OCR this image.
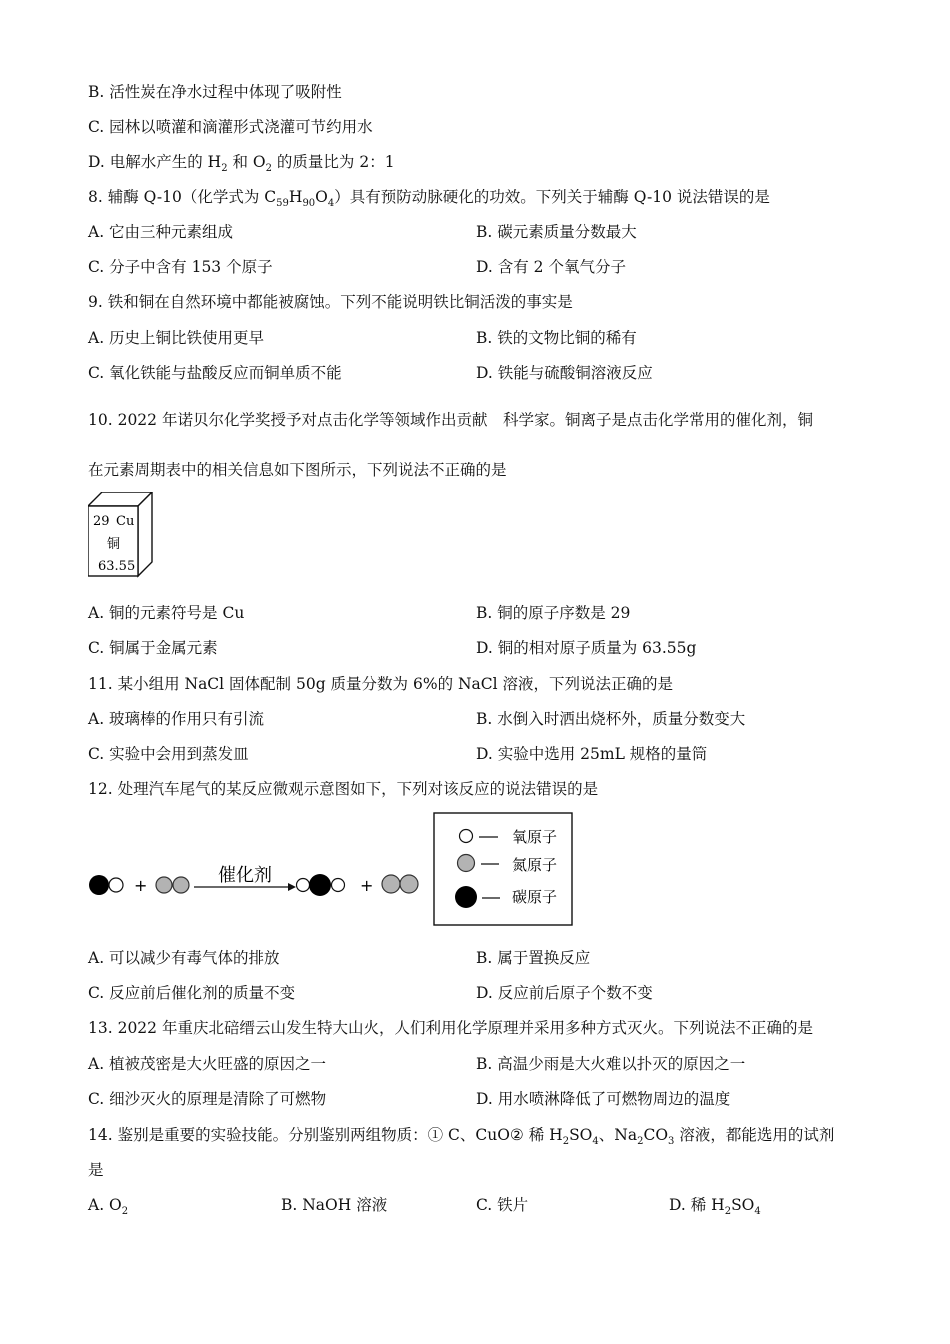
B. 活性炭在净水过程中体现了吸附性
C. 园林以喷灌和滴灌形式浇灌可节约用水
D. 电解水产生的 $H_2$ 和 $O_2$ 的质量比为 2：1
8. 辅酶 Q-10（化学式为 $C_{59}H_{90}O_4$）具有预防动脉硬化的功效。下列关于辅酶 Q-10 说法错误的是
A. 它由三种元素组成	B. 碳元素质量分数最大
C. 分子中含有 153 个原子	D. 含有 2 个氧气分子
9. 铁和铜在自然环境中都能被腐蚀。下列不能说明铁比铜活泼的事实是
A. 历史上铜比铁使用更早	B. 铁的文物比铜的稀有
C. 氧化铁能与盐酸反应而铜单质不能	D. 铁能与硫酸铜溶液反应
10. 2022 年诺贝尔化学奖授予对点击化学等领域作出贡献　科学家。铜离子是点击化学常用的催化剂，铜
在元素周期表中的相关信息如下图所示，下列说法不正确的是
29 Cu
铜
63.55
A. 铜的元素符号是 Cu	B. 铜的原子序数是 29
C. 铜属于金属元素	D. 铜的相对原子质量为 63.55g
11. 某小组用 NaCl 固体配制 50g 质量分数为 6%的 NaCl 溶液，下列说法正确的是
A. 玻璃棒的作用只有引流	B. 水倒入时洒出烧杯外，质量分数变大
C. 实验中会用到蒸发皿	D. 实验中选用 25mL 规格的量筒
12. 处理汽车尾气的某反应微观示意图如下，下列对该反应的说法错误的是
+	催化剂	+
氧原子
氮原子
碳原子
A. 可以减少有毒气体的排放	B. 属于置换反应
C. 反应前后催化剂的质量不变	D. 反应前后原子个数不变
13. 2022 年重庆北碚缙云山发生特大山火，人们利用化学原理并采用多种方式灭火。下列说法不正确的是
A. 植被茂密是大火旺盛的原因之一	B. 高温少雨是大火难以扑灭的原因之一
C. 细沙灭火的原理是清除了可燃物	D. 用水喷淋降低了可燃物周边的温度
14. 鉴别是重要的实验技能。分别鉴别两组物质：① C、CuO② 稀 $H_2SO_4$、$Na_2CO_3$ 溶液，都能选用的试剂
是
A. $O_2$	B. NaOH 溶液	C. 铁片	D. 稀 $H_2SO_4$
